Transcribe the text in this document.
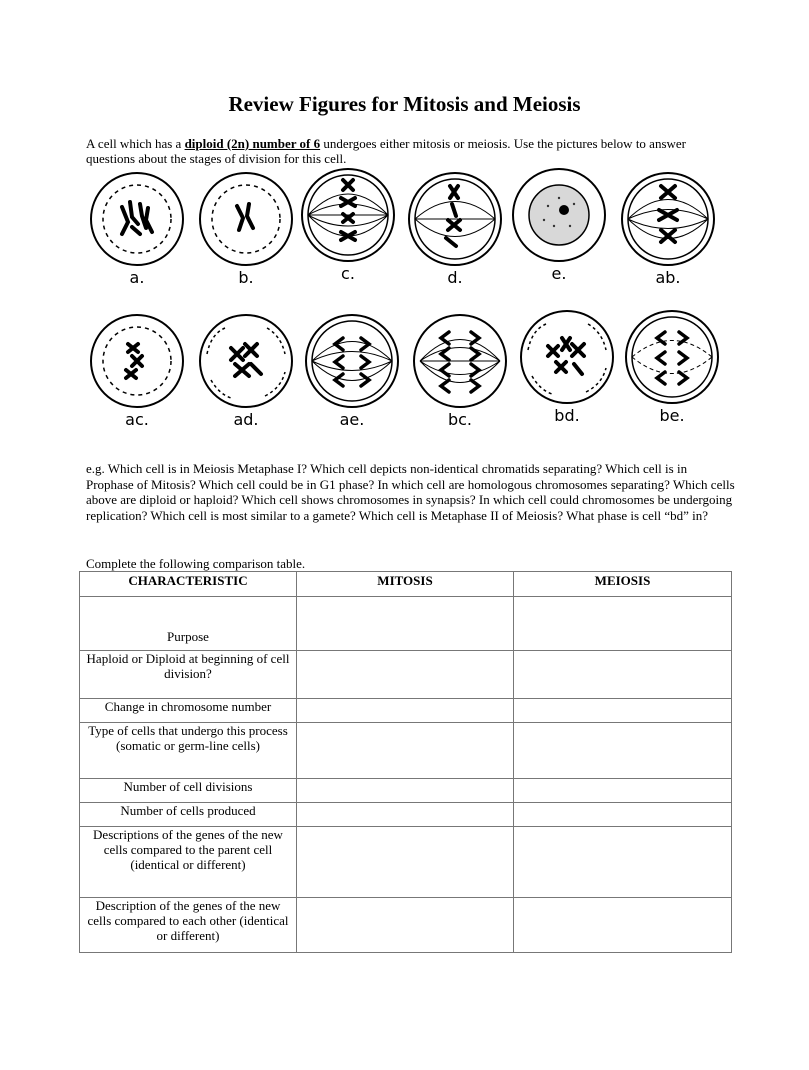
Review Figures for Mitosis and Meiosis
A cell which has a diploid (2n) number of 6 undergoes either mitosis or meiosis. Use the pictures below to answer questions about the stages of division for this cell.
a.	b.	c.	d.	e.	ab.
ac.	ad.	ae.	bc.	bd.	be.
e.g. Which cell is in Meiosis Metaphase I? Which cell depicts non-identical chromatids separating? Which cell is in Prophase of Mitosis? Which cell could be in G1 phase? In which cell are homologous chromosomes separating? Which cells above are diploid or haploid? Which cell shows chromosomes in synapsis? In which cell could chromosomes be undergoing replication? Which cell is most similar to a gamete? Which cell is Metaphase II of Meiosis? What phase is cell “bd” in?
Complete the following comparison table.
CHARACTERISTIC	MITOSIS	MEIOSIS
Purpose		
Haploid or Diploid at beginning of cell division?		
Change in chromosome number		
Type of cells that undergo this process (somatic or germ-line cells)		
Number of cell divisions		
Number of cells produced		
Descriptions of the genes of the new cells compared to the parent cell (identical or different)		
Description of the genes of the new cells compared to each other (identical or different)		
